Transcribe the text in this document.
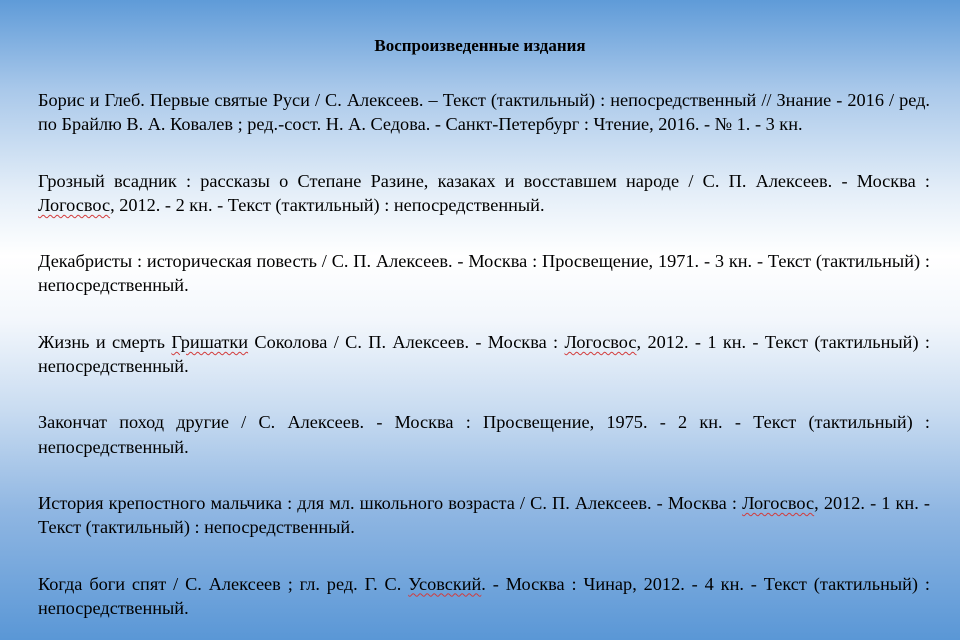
Воспроизведенные издания
Борис и Глеб. Первые святые Руси / С. Алексеев. – Текст (тактильный) : непосредственный // Знание - 2016 / ред. по Брайлю В. А. Ковалев ; ред.-сост. Н. А. Седова. - Санкт-Петербург : Чтение, 2016. - № 1. - 3 кн.
Грозный всадник : рассказы о Степане Разине, казаках и восставшем народе / С. П. Алексеев. - Москва : Логосвос, 2012. - 2 кн. - Текст (тактильный) : непосредственный.
Декабристы : историческая повесть / С. П. Алексеев. - Москва : Просвещение, 1971. - 3 кн. - Текст (тактильный) : непосредственный.
Жизнь и смерть Гришатки Соколова / С. П. Алексеев. - Москва : Логосвос, 2012. - 1 кн. - Текст (тактильный) : непосредственный.
Закончат поход другие / С. Алексеев. - Москва : Просвещение, 1975. - 2 кн. - Текст (тактильный) : непосредственный.
История крепостного мальчика : для мл. школьного возраста / С. П. Алексеев. - Москва : Логосвос, 2012. - 1 кн. - Текст (тактильный) : непосредственный.
Когда боги спят / С. Алексеев ; гл. ред. Г. С. Усовский. - Москва : Чинар, 2012. - 4 кн. - Текст (тактильный) : непосредственный.
